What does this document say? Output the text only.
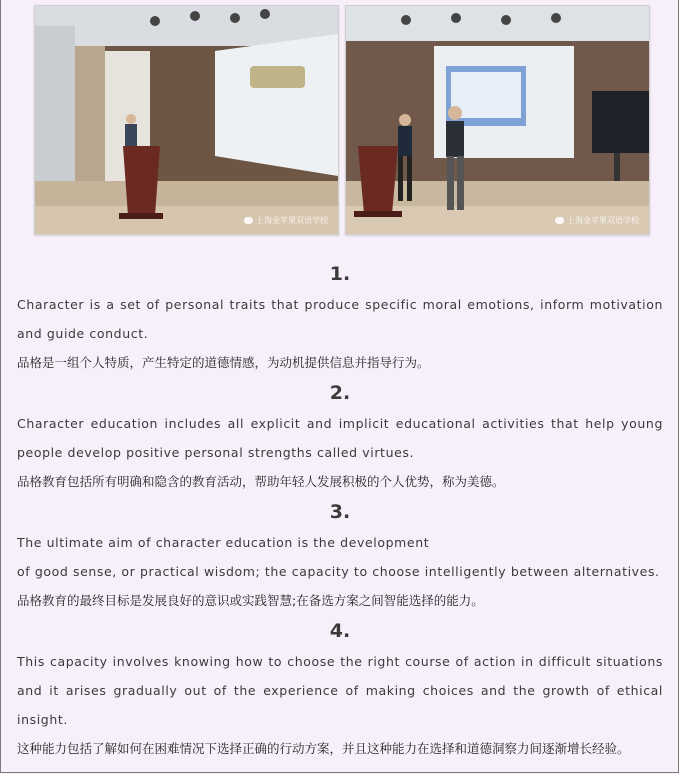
上海金苹果双语学校	上海金苹果双语学校

1.

Character is a set of personal traits that produce specific moral emotions, inform motivation and guide conduct.

品格是一组个人特质，产生特定的道德情感，为动机提供信息并指导行为。

2.

Character education includes all explicit and implicit educational activities that help young people develop positive personal strengths called virtues.

品格教育包括所有明确和隐含的教育活动，帮助年轻人发展积极的个人优势，称为美德。

3.

The ultimate aim of character education is the development

of good sense, or practical wisdom; the capacity to choose intelligently between alternatives.

品格教育的最终目标是发展良好的意识或实践智慧;在备选方案之间智能选择的能力。

4.

This capacity involves knowing how to choose the right course of action in difficult situations and it arises gradually out of the experience of making choices and the growth of ethical insight.

这种能力包括了解如何在困难情况下选择正确的行动方案，并且这种能力在选择和道德洞察力间逐渐增长经验。
